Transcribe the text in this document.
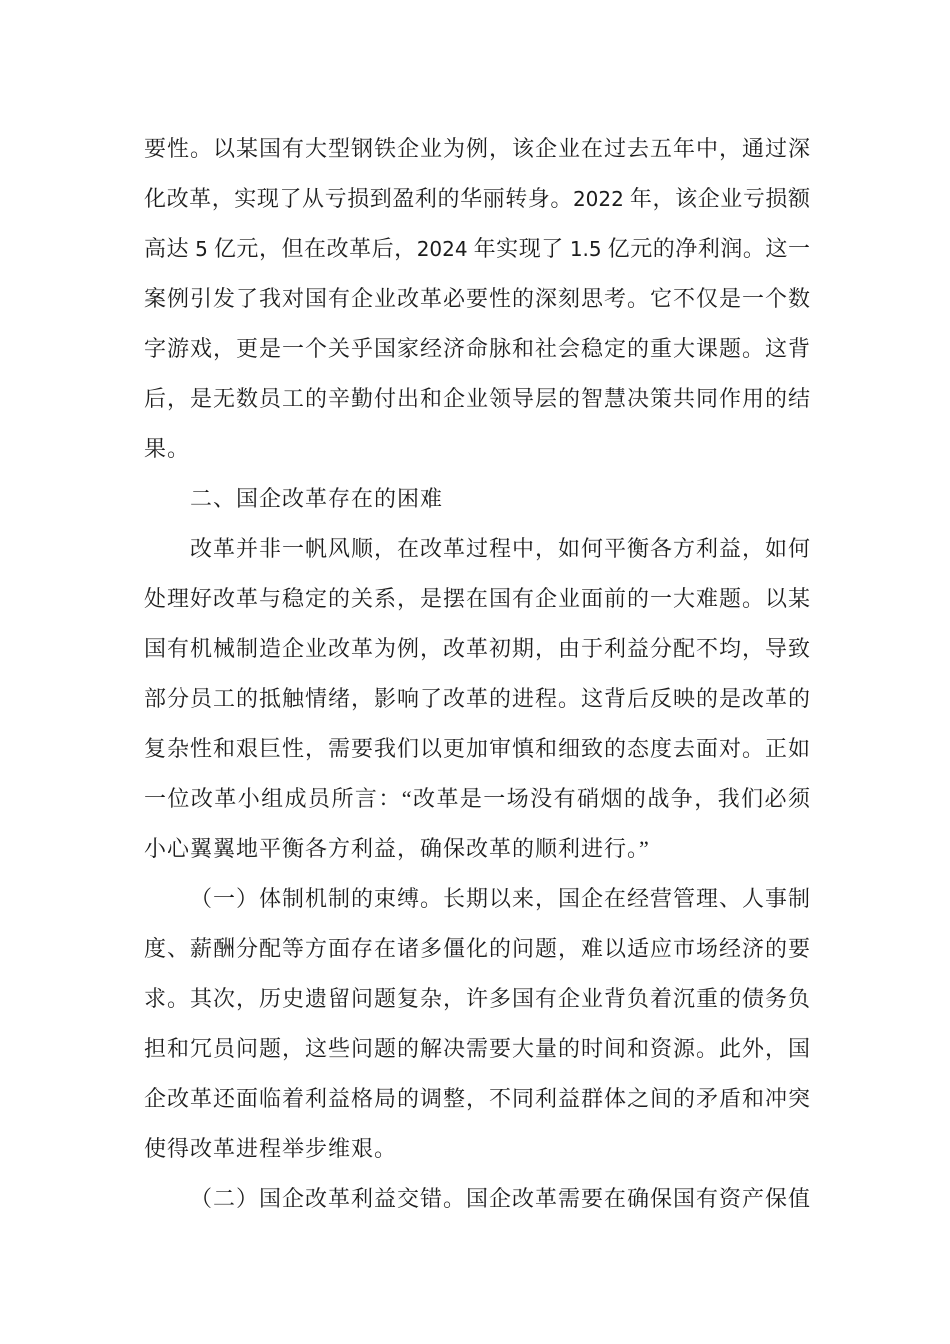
要性。以某国有大型钢铁企业为例，该企业在过去五年中，通过深
化改革，实现了从亏损到盈利的华丽转身。2022 年，该企业亏损额
高达 5 亿元，但在改革后，2024 年实现了 1.5 亿元的净利润。这一
案例引发了我对国有企业改革必要性的深刻思考。它不仅是一个数
字游戏，更是一个关乎国家经济命脉和社会稳定的重大课题。这背
后，是无数员工的辛勤付出和企业领导层的智慧决策共同作用的结
果。
二、国企改革存在的困难
改革并非一帆风顺，在改革过程中，如何平衡各方利益，如何
处理好改革与稳定的关系，是摆在国有企业面前的一大难题。以某
国有机械制造企业改革为例，改革初期，由于利益分配不均，导致
部分员工的抵触情绪，影响了改革的进程。这背后反映的是改革的
复杂性和艰巨性，需要我们以更加审慎和细致的态度去面对。正如
一位改革小组成员所言：“改革是一场没有硝烟的战争，我们必须
小心翼翼地平衡各方利益，确保改革的顺利进行。”
（一）体制机制的束缚。长期以来，国企在经营管理、人事制
度、薪酬分配等方面存在诸多僵化的问题，难以适应市场经济的要
求。其次，历史遗留问题复杂，许多国有企业背负着沉重的债务负
担和冗员问题，这些问题的解决需要大量的时间和资源。此外，国
企改革还面临着利益格局的调整，不同利益群体之间的矛盾和冲突
使得改革进程举步维艰。
（二）国企改革利益交错。国企改革需要在确保国有资产保值
